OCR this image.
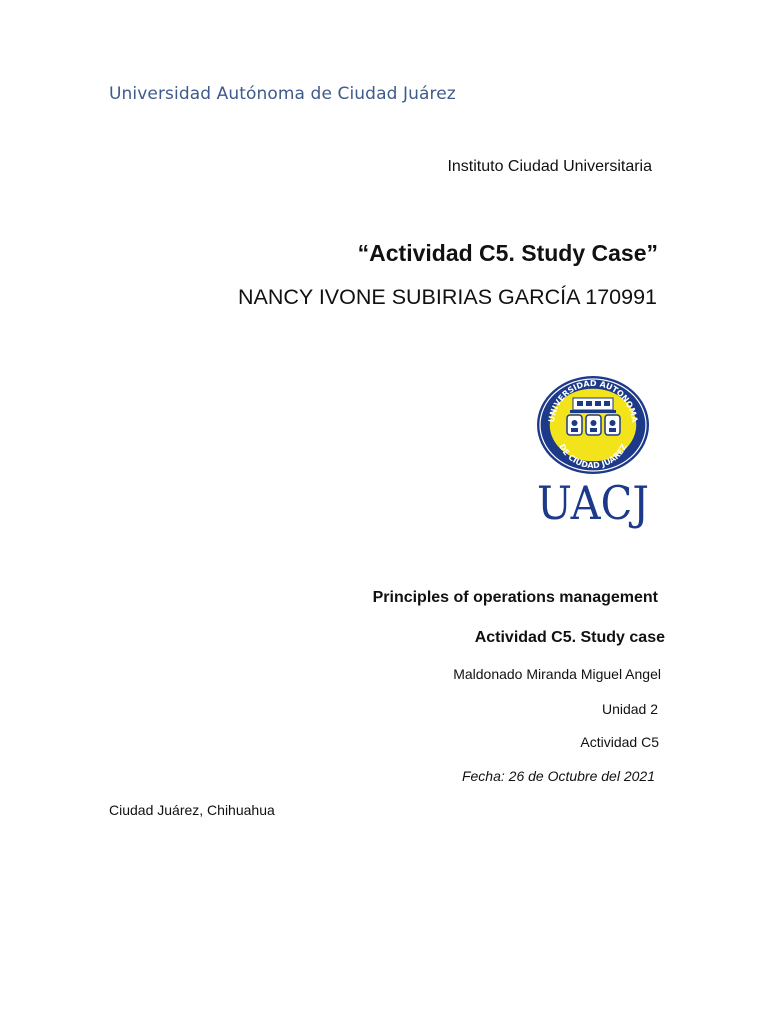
Universidad Autónoma de Ciudad Juárez
Instituto Ciudad Universitaria
“Actividad C5. Study Case”
NANCY IVONE SUBIRIAS GARCÍA 170991
UNIVERSIDAD AUTONOMA
DE CIUDAD JUAREZ
UACJ
Principles of operations management
Actividad C5. Study case
Maldonado Miranda Miguel Angel
Unidad 2
Actividad C5
Fecha: 26 de Octubre del 2021
Ciudad Juárez, Chihuahua
